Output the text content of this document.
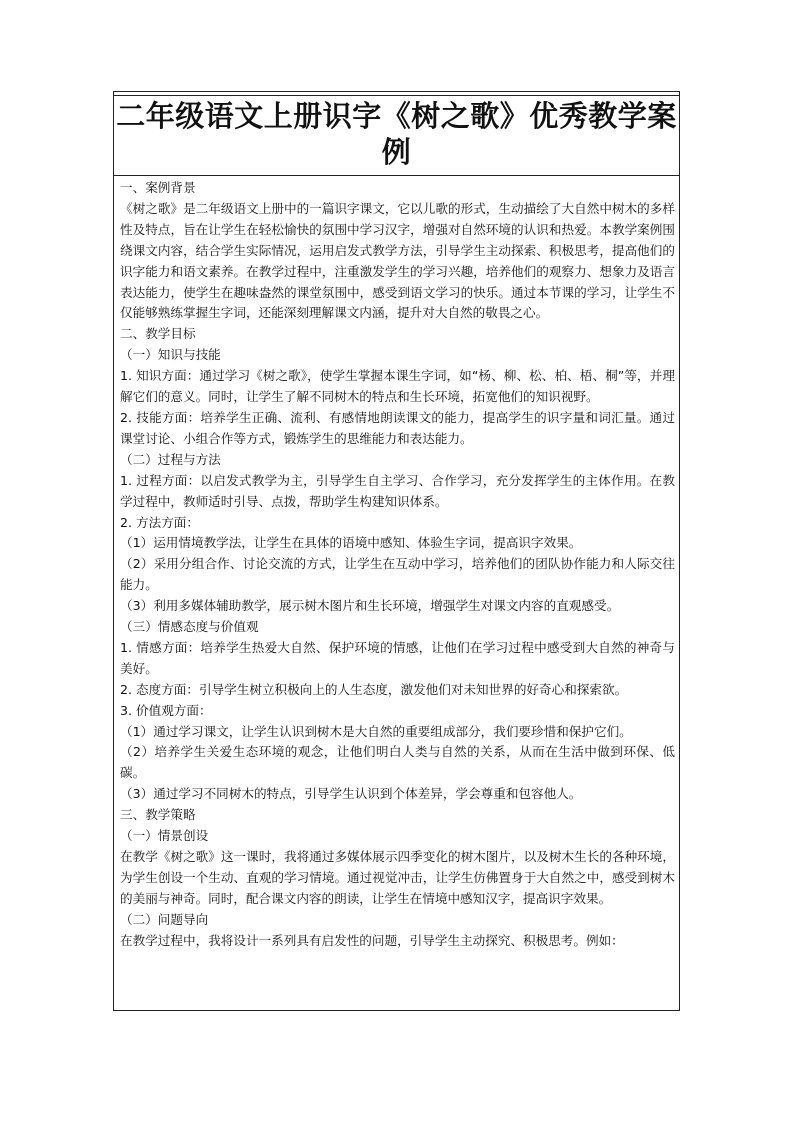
二年级语文上册识字《树之歌》优秀教学案例

一、案例背景

《树之歌》是二年级语文上册中的一篇识字课文，它以儿歌的形式，生动描绘了大自然中树木的多样性及特点，旨在让学生在轻松愉快的氛围中学习汉字，增强对自然环境的认识和热爱。本教学案例围绕课文内容，结合学生实际情况，运用启发式教学方法，引导学生主动探索、积极思考，提高他们的识字能力和语文素养。在教学过程中，注重激发学生的学习兴趣，培养他们的观察力、想象力及语言表达能力，使学生在趣味盎然的课堂氛围中，感受到语文学习的快乐。通过本节课的学习，让学生不仅能够熟练掌握生字词，还能深刻理解课文内涵，提升对大自然的敬畏之心。

二、教学目标

（一）知识与技能

1. 知识方面：通过学习《树之歌》，使学生掌握本课生字词，如“杨、柳、松、柏、梧、桐”等，并理解它们的意义。同时，让学生了解不同树木的特点和生长环境，拓宽他们的知识视野。

2. 技能方面：培养学生正确、流利、有感情地朗读课文的能力，提高学生的识字量和词汇量。通过课堂讨论、小组合作等方式，锻炼学生的思维能力和表达能力。

（二）过程与方法

1. 过程方面：以启发式教学为主，引导学生自主学习、合作学习，充分发挥学生的主体作用。在教学过程中，教师适时引导、点拨，帮助学生构建知识体系。

2. 方法方面：

（1）运用情境教学法，让学生在具体的语境中感知、体验生字词，提高识字效果。

（2）采用分组合作、讨论交流的方式，让学生在互动中学习，培养他们的团队协作能力和人际交往能力。

（3）利用多媒体辅助教学，展示树木图片和生长环境，增强学生对课文内容的直观感受。

（三）情感态度与价值观

1. 情感方面：培养学生热爱大自然、保护环境的情感，让他们在学习过程中感受到大自然的神奇与美好。

2. 态度方面：引导学生树立积极向上的人生态度，激发他们对未知世界的好奇心和探索欲。

3. 价值观方面：

（1）通过学习课文，让学生认识到树木是大自然的重要组成部分，我们要珍惜和保护它们。

（2）培养学生关爱生态环境的观念，让他们明白人类与自然的关系，从而在生活中做到环保、低碳。

（3）通过学习不同树木的特点，引导学生认识到个体差异，学会尊重和包容他人。

三、教学策略

（一）情景创设

在教学《树之歌》这一课时，我将通过多媒体展示四季变化的树木图片，以及树木生长的各种环境，为学生创设一个生动、直观的学习情境。通过视觉冲击，让学生仿佛置身于大自然之中，感受到树木的美丽与神奇。同时，配合课文内容的朗读，让学生在情境中感知汉字，提高识字效果。

（二）问题导向

在教学过程中，我将设计一系列具有启发性的问题，引导学生主动探究、积极思考。例如：
